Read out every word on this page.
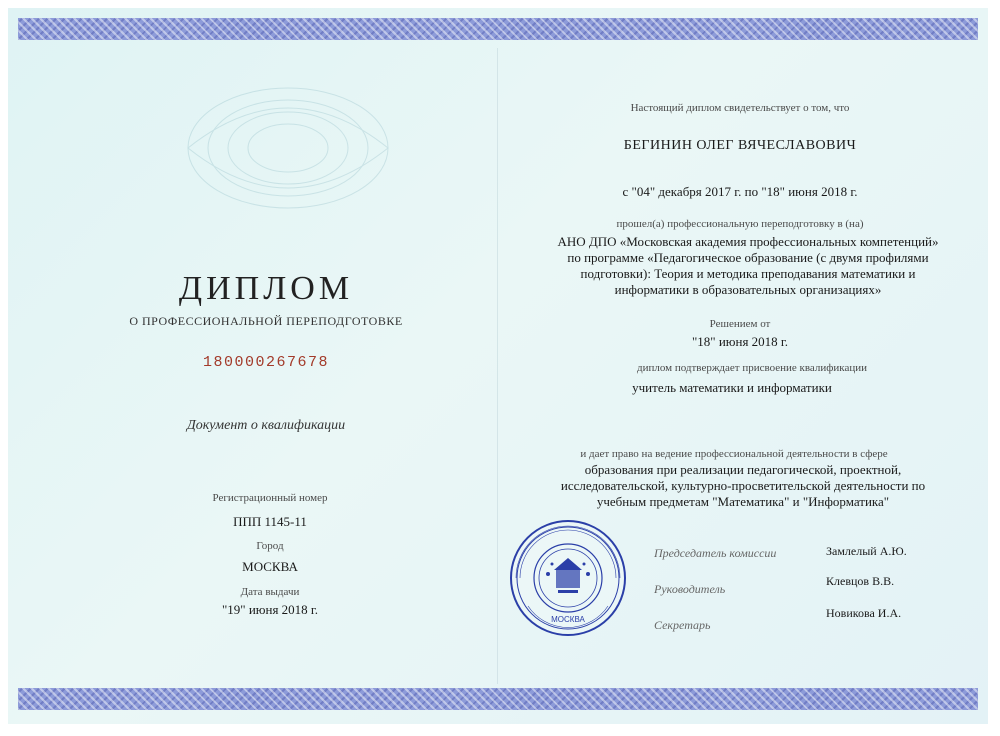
ДИПЛОМ
О ПРОФЕССИОНАЛЬНОЙ ПЕРЕПОДГОТОВКЕ
180000267678
Документ о квалификации
Регистрационный номер
ППП 1145-11
Город
МОСКВА
Дата выдачи
"19" июня 2018 г.
Настоящий диплом свидетельствует о том, что
БЕГИНИН ОЛЕГ ВЯЧЕСЛАВОВИЧ
с "04" декабря 2017 г. по "18" июня 2018 г.
прошел(а) профессиональную переподготовку в (на)
АНО ДПО «Московская академия профессиональных компетенций»
по программе «Педагогическое образование (с двумя профилями
подготовки): Теория и методика преподавания математики и
информатики в образовательных организациях»
Решением от
"18" июня 2018 г.
диплом подтверждает присвоение квалификации
учитель математики и информатики
и дает право на ведение профессиональной деятельности в сфере
образования при реализации педагогической, проектной,
исследовательской, культурно-просветительской деятельности по
учебным предметам "Математика" и "Информатика"
МОСКВА
Председатель комиссии	Замлелый А.Ю.
Руководитель
Клевцов В.В.
Секретарь
Новикова И.А.
